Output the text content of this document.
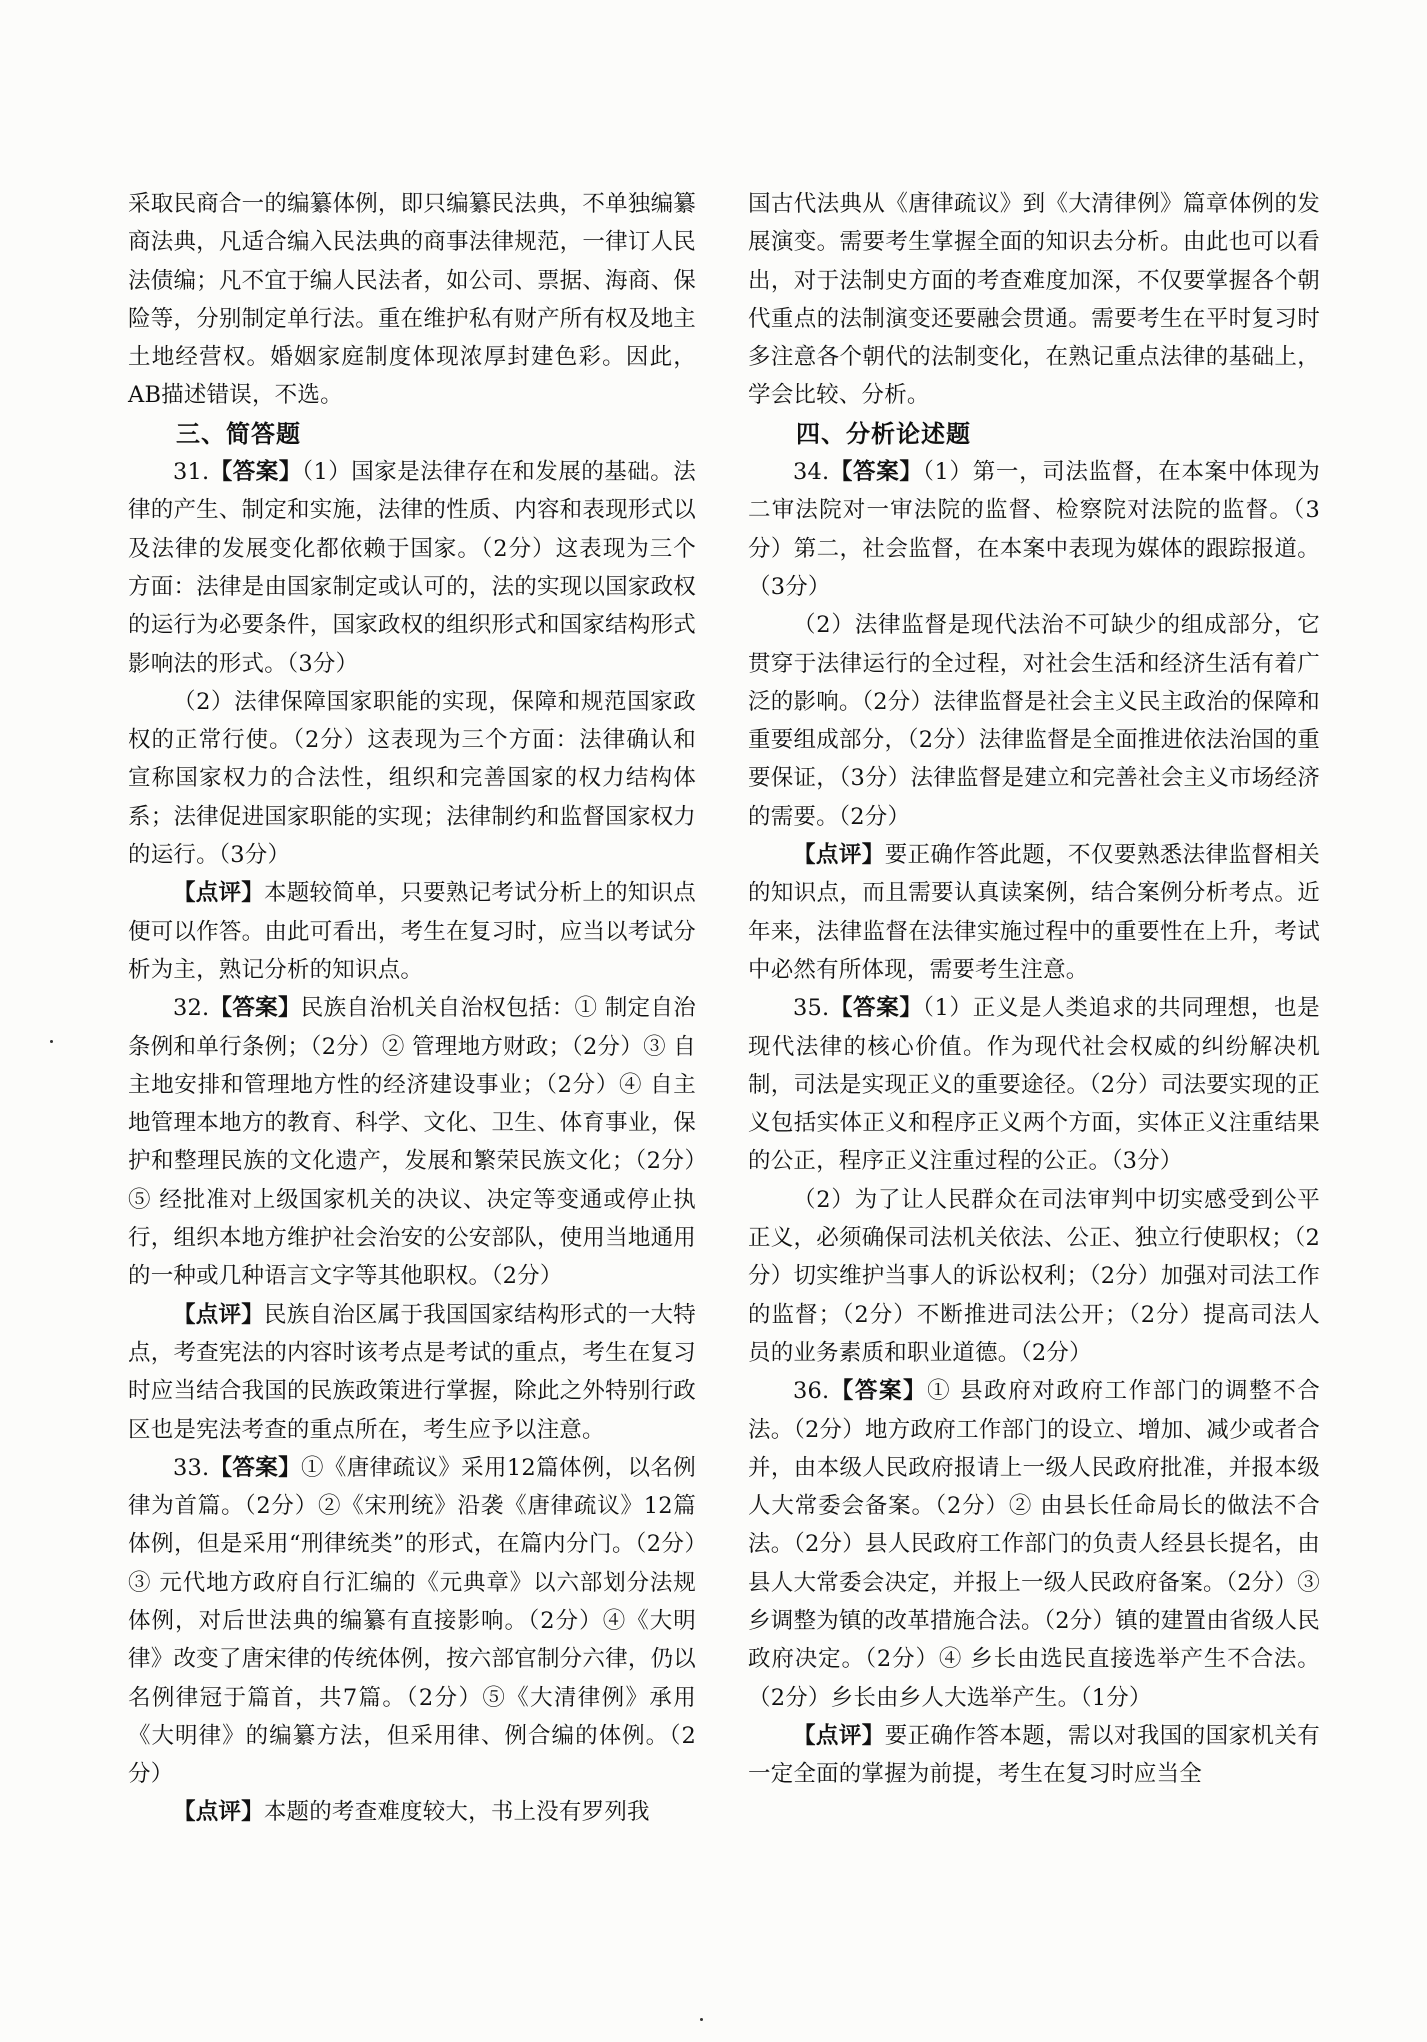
采取民商合一的编纂体例，即只编纂民法典，不单独编纂商法典，凡适合编入民法典的商事法律规范，一律订人民法债编；凡不宜于编人民法者，如公司、票据、海商、保险等，分别制定单行法。重在维护私有财产所有权及地主土地经营权。婚姻家庭制度体现浓厚封建色彩。因此，AB描述错误，不选。

三、简答题

31.【答案】（1）国家是法律存在和发展的基础。法律的产生、制定和实施，法律的性质、内容和表现形式以及法律的发展变化都依赖于国家。（2分）这表现为三个方面：法律是由国家制定或认可的，法的实现以国家政权的运行为必要条件，国家政权的组织形式和国家结构形式影响法的形式。（3分）

（2）法律保障国家职能的实现，保障和规范国家政权的正常行使。（2分）这表现为三个方面：法律确认和宣称国家权力的合法性，组织和完善国家的权力结构体系；法律促进国家职能的实现；法律制约和监督国家权力的运行。（3分）

【点评】本题较简单，只要熟记考试分析上的知识点便可以作答。由此可看出，考生在复习时，应当以考试分析为主，熟记分析的知识点。

32.【答案】民族自治机关自治权包括：① 制定自治条例和单行条例；（2分）② 管理地方财政；（2分）③ 自主地安排和管理地方性的经济建设事业；（2分）④ 自主地管理本地方的教育、科学、文化、卫生、体育事业，保护和整理民族的文化遗产，发展和繁荣民族文化；（2分）⑤ 经批准对上级国家机关的决议、决定等变通或停止执行，组织本地方维护社会治安的公安部队，使用当地通用的一种或几种语言文字等其他职权。（2分）

【点评】民族自治区属于我国国家结构形式的一大特点，考查宪法的内容时该考点是考试的重点，考生在复习时应当结合我国的民族政策进行掌握，除此之外特别行政区也是宪法考查的重点所在，考生应予以注意。

33.【答案】①《唐律疏议》采用12篇体例，以名例律为首篇。（2分）②《宋刑统》沿袭《唐律疏议》12篇体例，但是采用“刑律统类”的形式，在篇内分门。（2分）③ 元代地方政府自行汇编的《元典章》以六部划分法规体例，对后世法典的编纂有直接影响。（2分）④《大明律》改变了唐宋律的传统体例，按六部官制分六律，仍以名例律冠于篇首，共7篇。（2分）⑤《大清律例》承用《大明律》的编纂方法，但采用律、例合编的体例。（2分）

【点评】本题的考查难度较大，书上没有罗列我

国古代法典从《唐律疏议》到《大清律例》篇章体例的发展演变。需要考生掌握全面的知识去分析。由此也可以看出，对于法制史方面的考查难度加深，不仅要掌握各个朝代重点的法制演变还要融会贯通。需要考生在平时复习时多注意各个朝代的法制变化，在熟记重点法律的基础上，学会比较、分析。

四、分析论述题

34.【答案】（1）第一，司法监督，在本案中体现为二审法院对一审法院的监督、检察院对法院的监督。（3分）第二，社会监督，在本案中表现为媒体的跟踪报道。（3分）

（2）法律监督是现代法治不可缺少的组成部分，它贯穿于法律运行的全过程，对社会生活和经济生活有着广泛的影响。（2分）法律监督是社会主义民主政治的保障和重要组成部分，（2分）法律监督是全面推进依法治国的重要保证，（3分）法律监督是建立和完善社会主义市场经济的需要。（2分）

【点评】要正确作答此题，不仅要熟悉法律监督相关的知识点，而且需要认真读案例，结合案例分析考点。近年来，法律监督在法律实施过程中的重要性在上升，考试中必然有所体现，需要考生注意。

35.【答案】（1）正义是人类追求的共同理想，也是现代法律的核心价值。作为现代社会权威的纠纷解决机制，司法是实现正义的重要途径。（2分）司法要实现的正义包括实体正义和程序正义两个方面，实体正义注重结果的公正，程序正义注重过程的公正。（3分）

（2）为了让人民群众在司法审判中切实感受到公平正义，必须确保司法机关依法、公正、独立行使职权；（2分）切实维护当事人的诉讼权利；（2分）加强对司法工作的监督；（2分）不断推进司法公开；（2分）提高司法人员的业务素质和职业道德。（2分）

36.【答案】① 县政府对政府工作部门的调整不合法。（2分）地方政府工作部门的设立、增加、减少或者合并，由本级人民政府报请上一级人民政府批准，并报本级人大常委会备案。（2分）② 由县长任命局长的做法不合法。（2分）县人民政府工作部门的负责人经县长提名，由县人大常委会决定，并报上一级人民政府备案。（2分）③ 乡调整为镇的改革措施合法。（2分）镇的建置由省级人民政府决定。（2分）④ 乡长由选民直接选举产生不合法。（2分）乡长由乡人大选举产生。（1分）

【点评】要正确作答本题，需以对我国的国家机关有一定全面的掌握为前提，考生在复习时应当全
